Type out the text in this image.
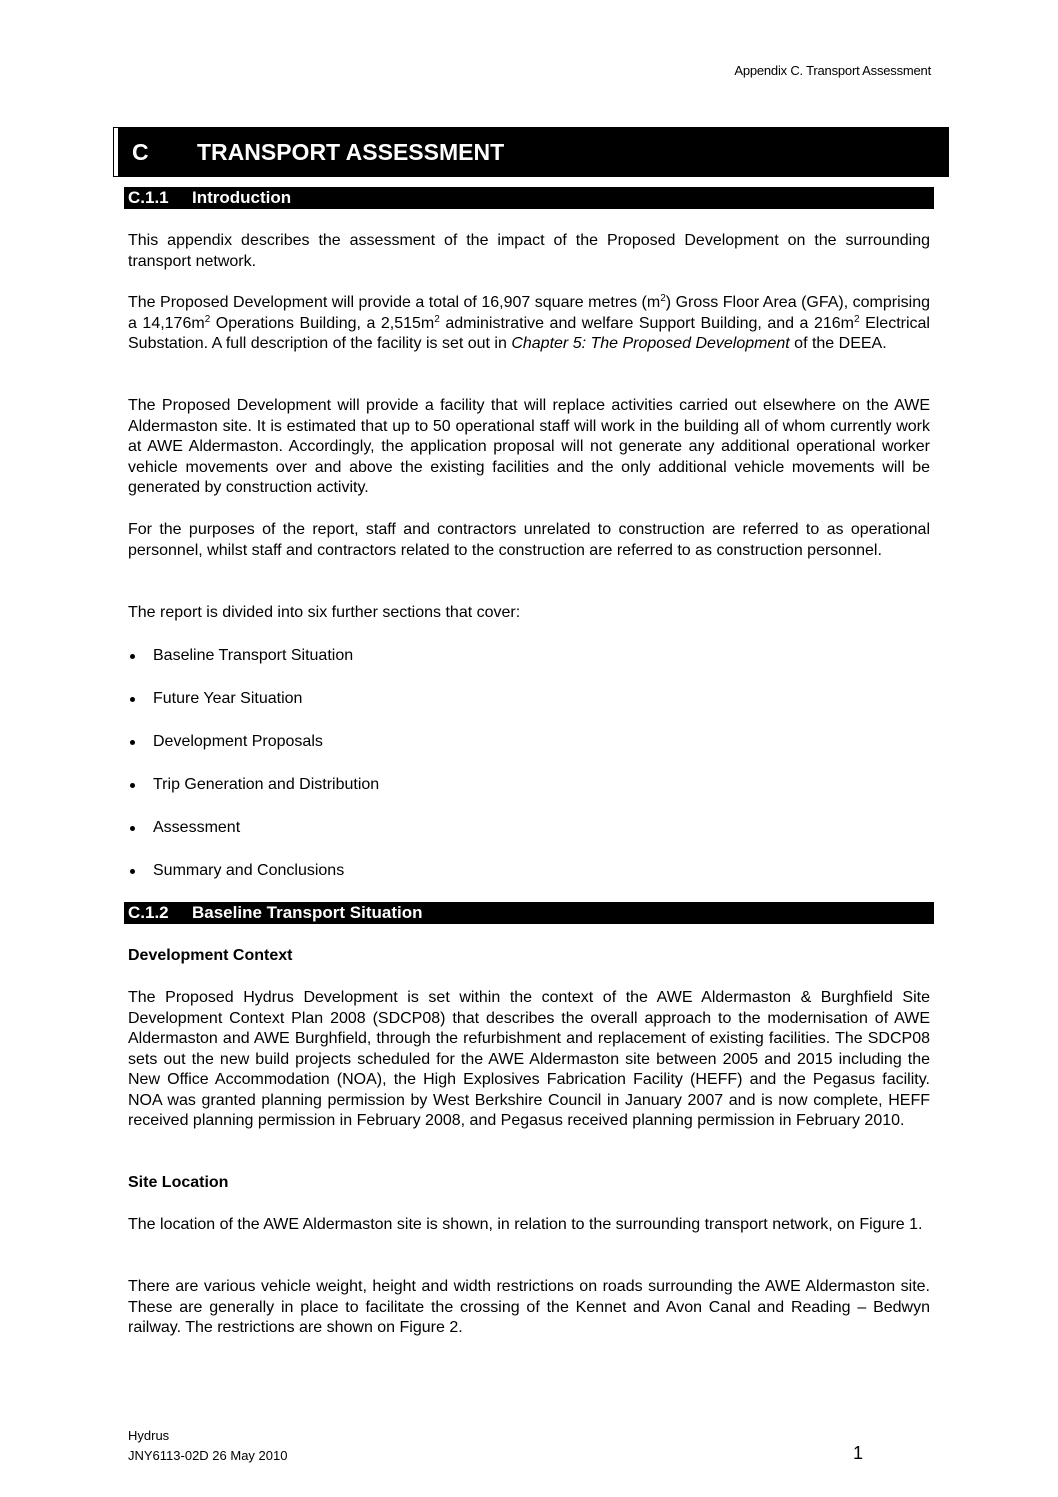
Appendix C. Transport Assessment
C TRANSPORT ASSESSMENT
C.1.1 Introduction

This appendix describes the assessment of the impact of the Proposed Development on the surrounding transport network.

The Proposed Development will provide a total of 16,907 square metres $(m^2)$ Gross Floor Area (GFA), comprising a $14,176m^2$ Operations Building, a $2,515m^2$ administrative and welfare Support Building, and a $216m^2$ Electrical Substation. A full description of the facility is set out in Chapter 5: The Proposed Development of the DEEA.

The Proposed Development will provide a facility that will replace activities carried out elsewhere on the AWE Aldermaston site. It is estimated that up to 50 operational staff will work in the building all of whom currently work at AWE Aldermaston. Accordingly, the application proposal will not generate any additional operational worker vehicle movements over and above the existing facilities and the only additional vehicle movements will be generated by construction activity.

For the purposes of the report, staff and contractors unrelated to construction are referred to as operational personnel, whilst staff and contractors related to the construction are referred to as construction personnel.

The report is divided into six further sections that cover:

Baseline Transport Situation
Future Year Situation
Development Proposals
Trip Generation and Distribution
Assessment
Summary and Conclusions
C.1.2 Baseline Transport Situation

Development Context

The Proposed Hydrus Development is set within the context of the AWE Aldermaston & Burghfield Site Development Context Plan 2008 (SDCP08) that describes the overall approach to the modernisation of AWE Aldermaston and AWE Burghfield, through the refurbishment and replacement of existing facilities. The SDCP08 sets out the new build projects scheduled for the AWE Aldermaston site between 2005 and 2015 including the New Office Accommodation (NOA), the High Explosives Fabrication Facility (HEFF) and the Pegasus facility. NOA was granted planning permission by West Berkshire Council in January 2007 and is now complete, HEFF received planning permission in February 2008, and Pegasus received planning permission in February 2010.

Site Location

The location of the AWE Aldermaston site is shown, in relation to the surrounding transport network, on Figure 1.

There are various vehicle weight, height and width restrictions on roads surrounding the AWE Aldermaston site. These are generally in place to facilitate the crossing of the Kennet and Avon Canal and Reading – Bedwyn railway. The restrictions are shown on Figure 2.

Hydrus
JNY6113-02D 26 May 2010	1
